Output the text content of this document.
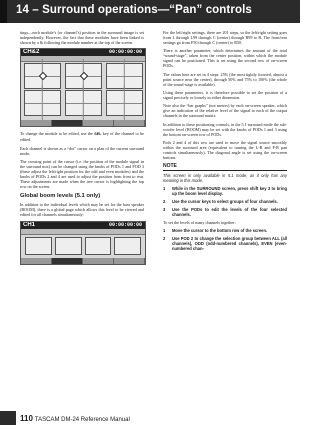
14 – Surround operations—“Pan” controls

tings—each module’s (or channel’s) position in the surround image is set independently. However, the fact that these modules have been linked is shown by a & following the module number at the top of the screen.

CH&2	00:00:00:00

To change the module to be edited, use the SEL key of the channel to be edited.

Each channel is shown as a “dot” cursor on a plan of the current surround mode.

The crossing point of the cursor (i.e. the position of the module signal in the surround mix) can be changed using the knobs of PODs 1 and POD 3 (these adjust the left/right position for the odd and even modules) and the knobs of PODs 2 and 4 are used to adjust the position from front to rear. These adjustments are made when the tree cursor is highlighting the top row on the screen.

Global boom levels (5.1 only)

In addition to the individual levels which may be set for the bass speaker (BOOM), there is a global page which allows this level to be viewed and edited for all channels simultaneously:

CH1	00:00:00:00

For the left/right settings, there are 201 steps, so the left/right setting goes from L through L99 through C (center) through R99 to R. The front/rear settings go from F50 through C (center) to R50.

There is another parameter, which determines the amount of the total “sound-stage”, taken from the center position, within which the module signal can be positioned. This is set using the second row of on-screen PODs.

The values here are set in 4 steps: 25% (the most tightly focused, almost a point source near the center), through 50% and 75% to 100% (the whole of the sound-stage is available).

Using these parameters, it is therefore possible to set the position of a signal precisely or loosely in either dimension.

Note also the “bar graphs” (not meters) by each on-screen speaker, which give an indication of the relative level of the signal to each of the output channels in the surround matrix.

In addition to these positioning controls, in the 5.1 surround mode the sub-woofer level (BOOM) may be set with the knobs of PODs 1 and 3 using the bottom on-screen row of PODs.

Pods 2 and 4 of this row are used to move the signal source smoothly within the surround area (equivalent to turning the L-R and F-R pan controls simultaneously). The diagonal angle is set using the on-screen buttons.

NOTE

This screen is only available in 5.1 mode, as it only has any meaning in this mode.

1 While in the SURROUND screen, press shift key 3 to bring up the boom level display.
2 Use the cursor keys to select groups of four channels.
3 Use the PODs to edit the levels of the four selected channels.

To set the levels of many channels together:

1 Move the cursor to the bottom row of the screen.
2 Use POD 2 to change the selection group between ALL (all channels), ODD (odd-numbered channels), EVEN (even-numbered chan-
110 TASCAM DM-24 Reference Manual
